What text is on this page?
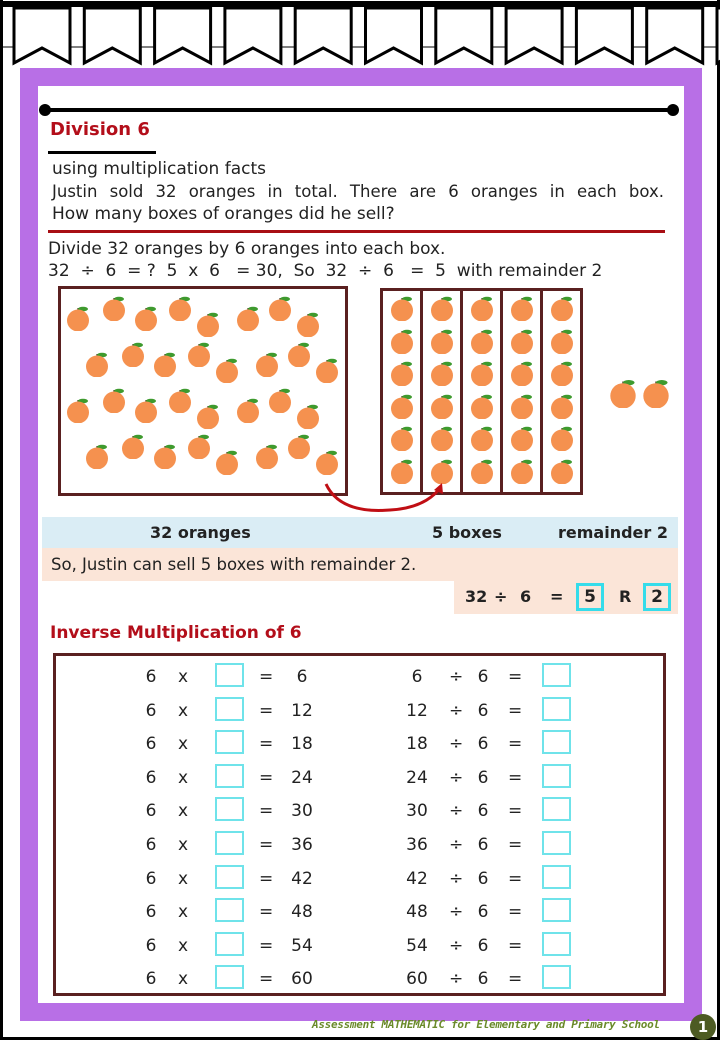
Division 6
using multiplication facts
Justin sold 32 oranges in total. There are 6 oranges in each box.
How many boxes of oranges did he sell?
Divide 32 oranges by 6 oranges into each box.
32  ÷  6  = ?  5  x  6   = 30,  So  32  ÷  6   =  5  with remainder 2
32 oranges	5 boxes	remainder 2
So, Justin can sell 5 boxes with remainder 2.
32 ÷ 6 =	5	R	2
Inverse Multiplication of 6
6 x	=	6	6	÷ 6 =
6 x	= 12	12 ÷ 6 =
6 x	= 18	18 ÷ 6 =
6 x	= 24	24 ÷ 6 =
6 x	= 30	30 ÷ 6 =
6 x	= 36	36 ÷ 6 =
6 x	= 42	42 ÷ 6 =
6 x	= 48	48 ÷ 6 =
6 x	= 54	54 ÷ 6 =
6 x	= 60	60 ÷ 6 =
Assessment MATHEMATIC for Elementary and Primary School	1
